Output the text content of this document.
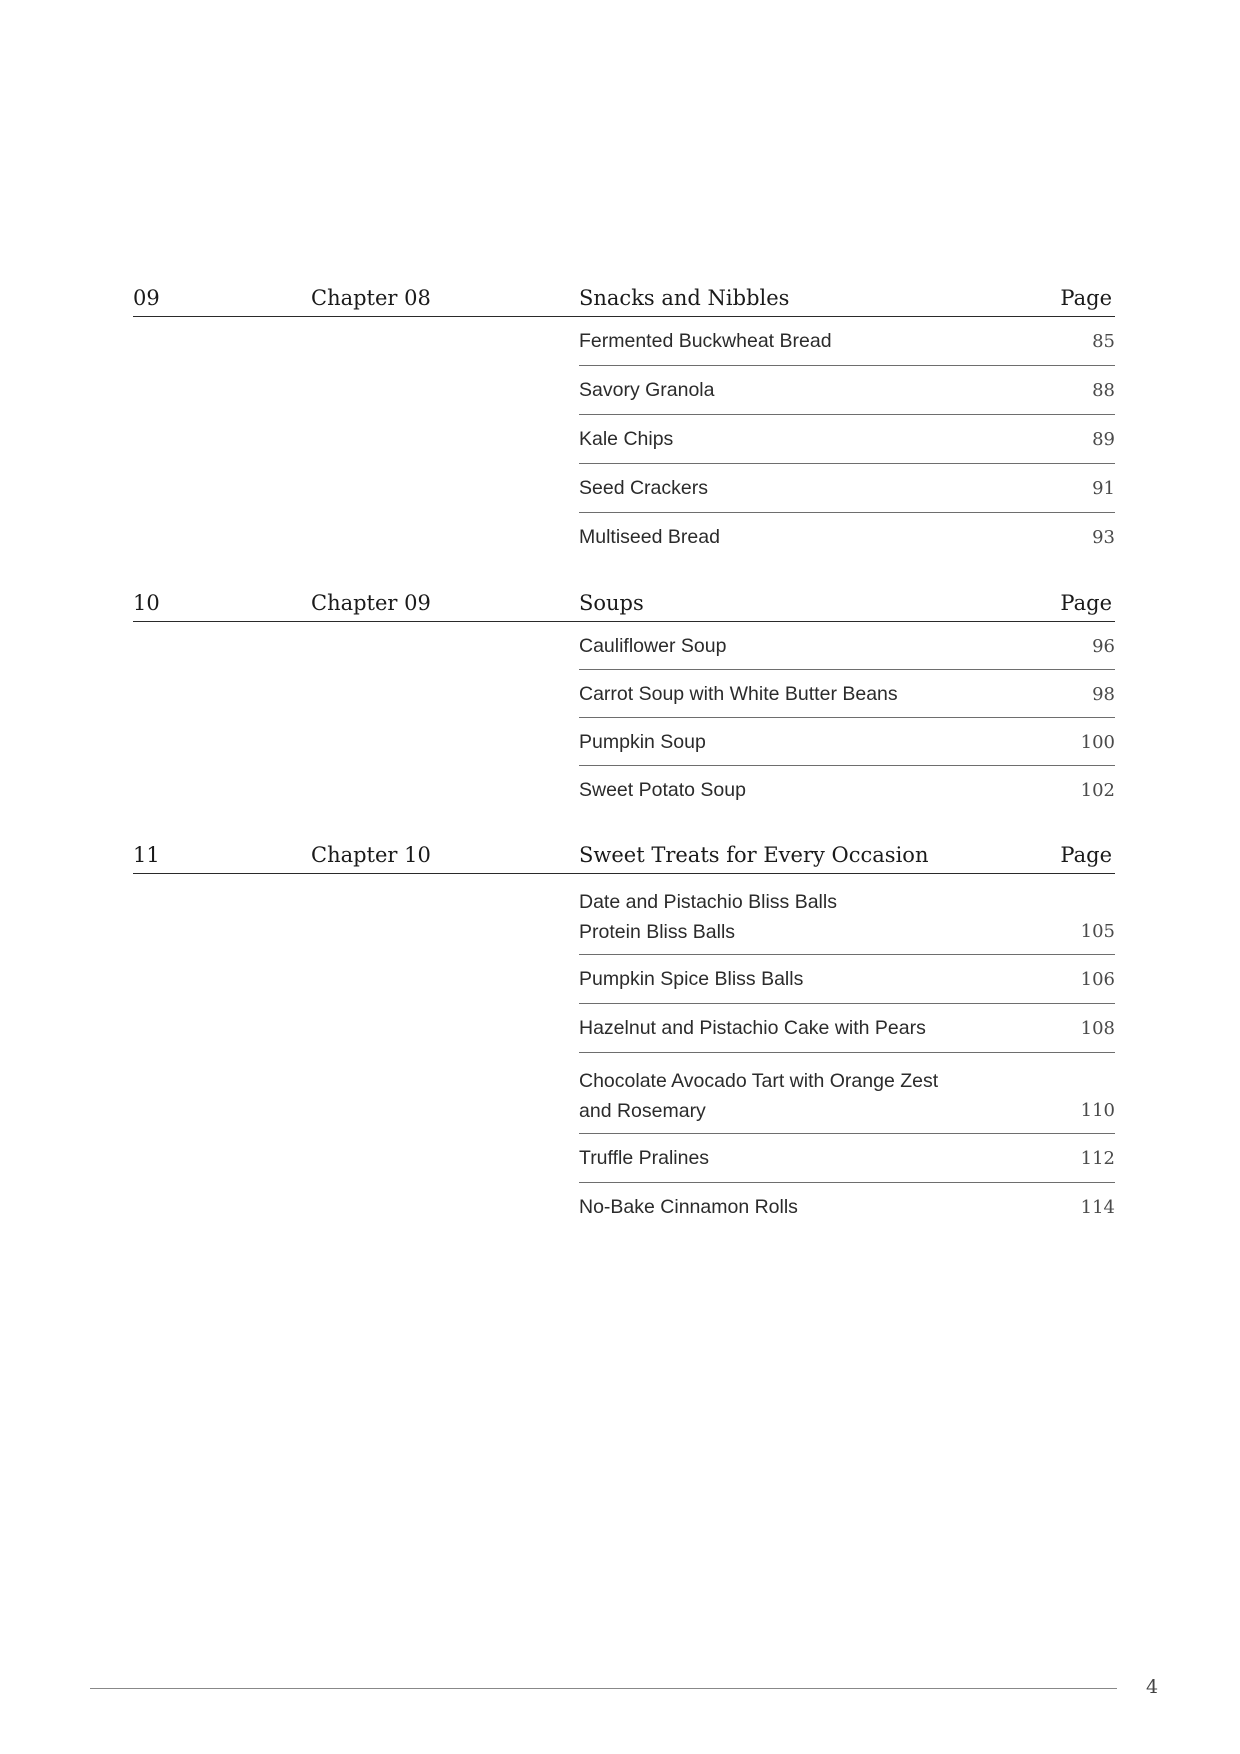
09	Chapter 08	Snacks and Nibbles	Page
Fermented Buckwheat Bread	85
Savory Granola	88
Kale Chips	89
Seed Crackers	91
Multiseed Bread	93
10	Chapter 09	Soups	Page
Cauliflower Soup	96
Carrot Soup with White Butter Beans	98
Pumpkin Soup	100
Sweet Potato Soup	102
11	Chapter 10	Sweet Treats for Every Occasion	Page
Date and Pistachio Bliss Balls
Protein Bliss Balls	105
Pumpkin Spice Bliss Balls	106
Hazelnut and Pistachio Cake with Pears	108
Chocolate Avocado Tart with Orange Zest
and Rosemary	110
Truffle Pralines	112
No-Bake Cinnamon Rolls	114
4
